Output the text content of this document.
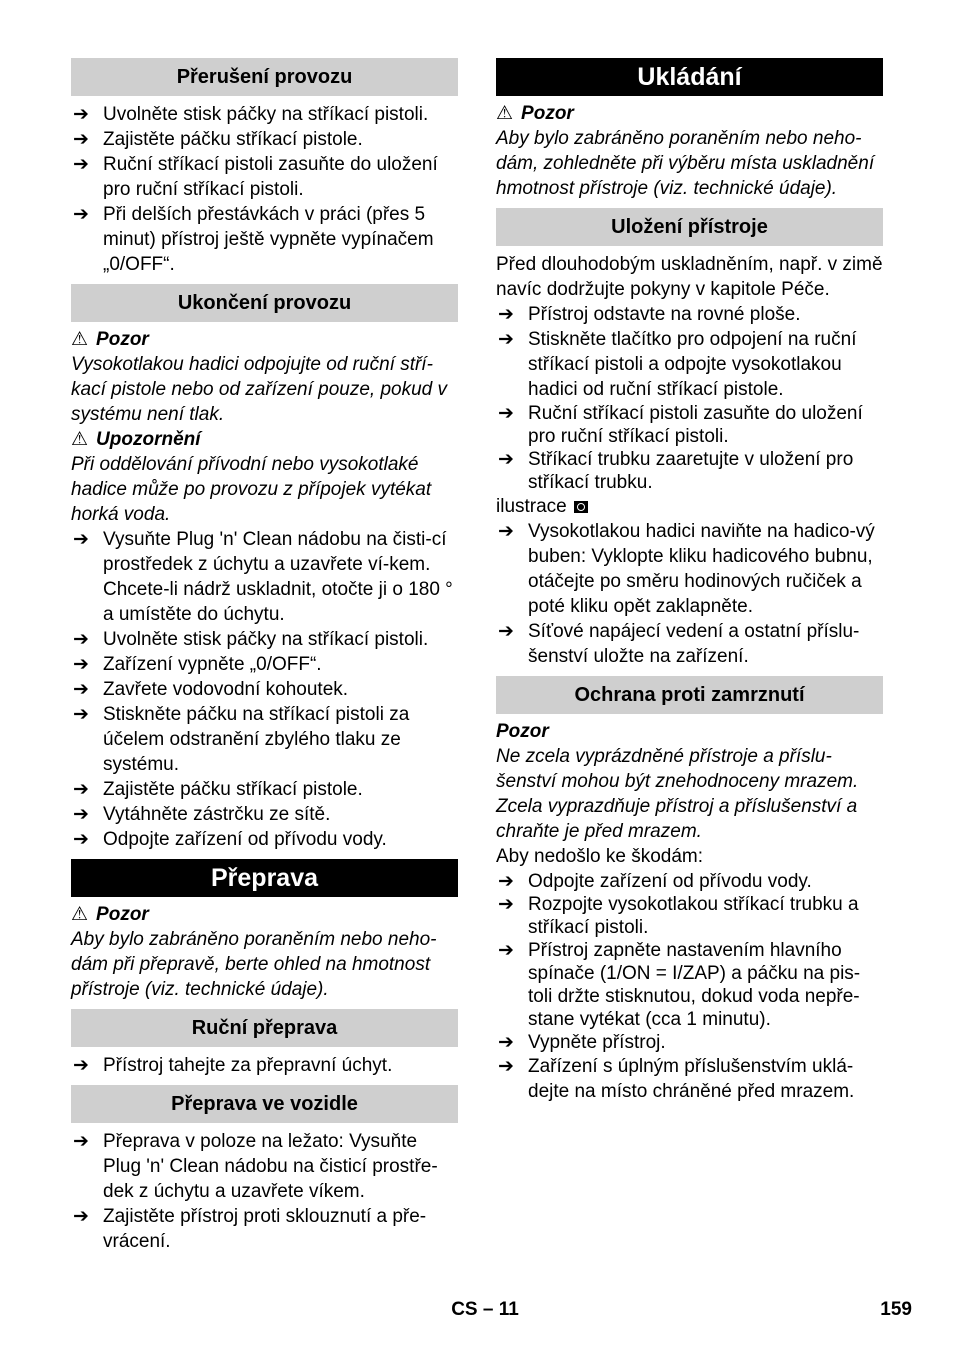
Přerušení provozu
➔ Uvolněte stisk páčky na stříkací pistoli.
➔ Zajistěte páčku stříkací pistole.
➔ Ruční stříkací pistoli zasuňte do uložení pro ruční stříkací pistoli.
➔ Při delších přestávkách v práci (přes 5 minut) přístroj ještě vypněte vypínačem „0/OFF“.
Ukončení provozu
⚠ Pozor
Vysokotlakou hadici odpojujte od ruční stří-kací pistole nebo od zařízení pouze, pokud v systému není tlak.
⚠ Upozornění
Při oddělování přívodní nebo vysokotlaké hadice může po provozu z přípojek vytékat horká voda.
➔ Vysuňte Plug 'n' Clean nádobu na čisti-cí prostředek z úchytu a uzavřete ví-kem. Chcete-li nádrž uskladnit, otočte ji o 180 ° a umístěte do úchytu.
➔ Uvolněte stisk páčky na stříkací pistoli.
➔ Zařízení vypněte „0/OFF“.
➔ Zavřete vodovodní kohoutek.
➔ Stiskněte páčku na stříkací pistoli za účelem odstranění zbylého tlaku ze systému.
➔ Zajistěte páčku stříkací pistole.
➔ Vytáhněte zástrčku ze sítě.
➔ Odpojte zařízení od přívodu vody.
Přeprava
⚠ Pozor
Aby bylo zabráněno poraněním nebo neho-dám při přepravě, berte ohled na hmotnost přístroje (viz. technické údaje).
Ruční přeprava
➔ Přístroj tahejte za přepravní úchyt.
Přeprava ve vozidle
➔ Přeprava v poloze na ležato: Vysuňte Plug 'n' Clean nádobu na čisticí prostře-dek z úchytu a uzavřete víkem.
➔ Zajistěte přístroj proti sklouznutí a pře-vrácení.
Ukládání
⚠ Pozor
Aby bylo zabráněno poraněním nebo neho-dám, zohledněte při výběru místa uskladnění hmotnost přístroje (viz. technické údaje).
Uložení přístroje
Před dlouhodobým uskladněním, např. v zimě navíc dodržujte pokyny v kapitole Péče.
➔ Přístroj odstavte na rovné ploše.
➔ Stiskněte tlačítko pro odpojení na ruční stříkací pistoli a odpojte vysokotlakou hadici od ruční stříkací pistole.
➔ Ruční stříkací pistoli zasuňte do uložení pro ruční stříkací pistoli.
➔ Stříkací trubku zaaretujte v uložení pro stříkací trubku.
ilustrace
➔ Vysokotlakou hadici naviňte na hadico-vý buben: Vyklopte kliku hadicového bubnu, otáčejte po směru hodinových ručiček a poté kliku opět zaklapněte.
➔ Síťové napájecí vedení a ostatní příslu-šenství uložte na zařízení.
Ochrana proti zamrznutí
Pozor
Ne zcela vyprázdněné přístroje a příslu-šenství mohou být znehodnoceny mrazem. Zcela vyprazdňuje přístroj a příslušenství a chraňte je před mrazem.
Aby nedošlo ke škodám:
➔ Odpojte zařízení od přívodu vody.
➔ Rozpojte vysokotlakou stříkací trubku a stříkací pistoli.
➔ Přístroj zapněte nastavením hlavního spínače (1/ON = I/ZAP) a páčku na pis-toli držte stisknutou, dokud voda nepře-stane vytékat (cca 1 minutu).
➔ Vypněte přístroj.
➔ Zařízení s úplným příslušenstvím uklá-dejte na místo chráněné před mrazem.
CS – 11	159
